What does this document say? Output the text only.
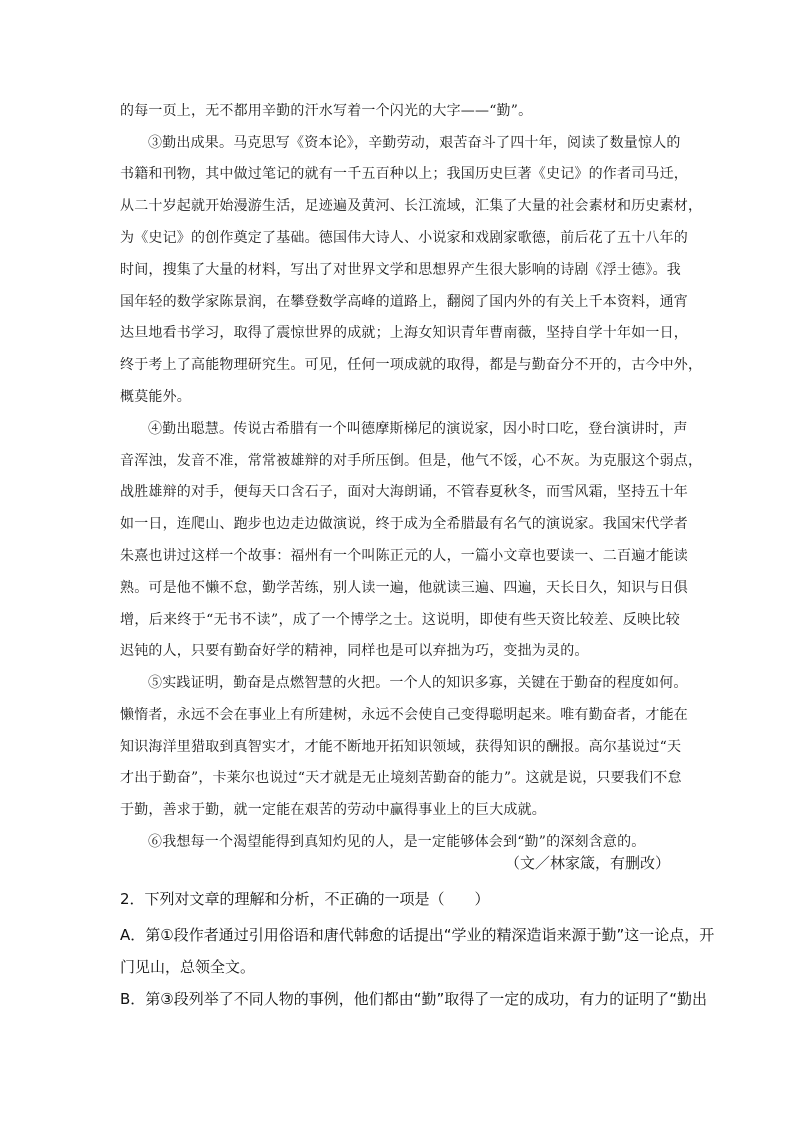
的每一页上，无不都用辛勤的汗水写着一个闪光的大字——“勤”。
③勤出成果。马克思写《资本论》，辛勤劳动，艰苦奋斗了四十年，阅读了数量惊人的
书籍和刊物，其中做过笔记的就有一千五百种以上；我国历史巨著《史记》的作者司马迁，
从二十岁起就开始漫游生活，足迹遍及黄河、长江流域，汇集了大量的社会素材和历史素材，
为《史记》的创作奠定了基础。德国伟大诗人、小说家和戏剧家歌德，前后花了五十八年的
时间，搜集了大量的材料，写出了对世界文学和思想界产生很大影响的诗剧《浮士德》。我
国年轻的数学家陈景润，在攀登数学高峰的道路上，翻阅了国内外的有关上千本资料，通宵
达旦地看书学习，取得了震惊世界的成就；上海女知识青年曹南薇，坚持自学十年如一日，
终于考上了高能物理研究生。可见，任何一项成就的取得，都是与勤奋分不开的，古今中外，
概莫能外。
④勤出聪慧。传说古希腊有一个叫德摩斯梯尼的演说家，因小时口吃，登台演讲时，声
音浑浊，发音不准，常常被雄辩的对手所压倒。但是，他气不馁，心不灰。为克服这个弱点，
战胜雄辩的对手，便每天口含石子，面对大海朗诵，不管春夏秋冬，而雪风霜，坚持五十年
如一日，连爬山、跑步也边走边做演说，终于成为全希腊最有名气的演说家。我国宋代学者
朱熹也讲过这样一个故事：福州有一个叫陈正元的人，一篇小文章也要读一、二百遍才能读
熟。可是他不懒不怠，勤学苦练，别人读一遍，他就读三遍、四遍，天长日久，知识与日俱
增，后来终于“无书不读”，成了一个博学之士。这说明，即使有些天资比较差、反映比较
迟钝的人，只要有勤奋好学的精神，同样也是可以弃拙为巧，变拙为灵的。
⑤实践证明，勤奋是点燃智慧的火把。一个人的知识多寡，关键在于勤奋的程度如何。
懒惰者，永远不会在事业上有所建树，永远不会使自己变得聪明起来。唯有勤奋者，才能在
知识海洋里猎取到真智实才，才能不断地开拓知识领域，获得知识的酬报。高尔基说过“天
才出于勤奋”，卡莱尔也说过“天才就是无止境刻苦勤奋的能力”。这就是说，只要我们不怠
于勤，善求于勤，就一定能在艰苦的劳动中赢得事业上的巨大成就。
⑥我想每一个渴望能得到真知灼见的人，是一定能够体会到“勤”的深刻含意的。
（文／林家箴，有删改）
2．下列对文章的理解和分析，不正确的一项是（　　）
A．第①段作者通过引用俗语和唐代韩愈的话提出“学业的精深造诣来源于勤”这一论点，开
门见山，总领全文。
B．第③段列举了不同人物的事例，他们都由“勤”取得了一定的成功，有力的证明了“勤出
